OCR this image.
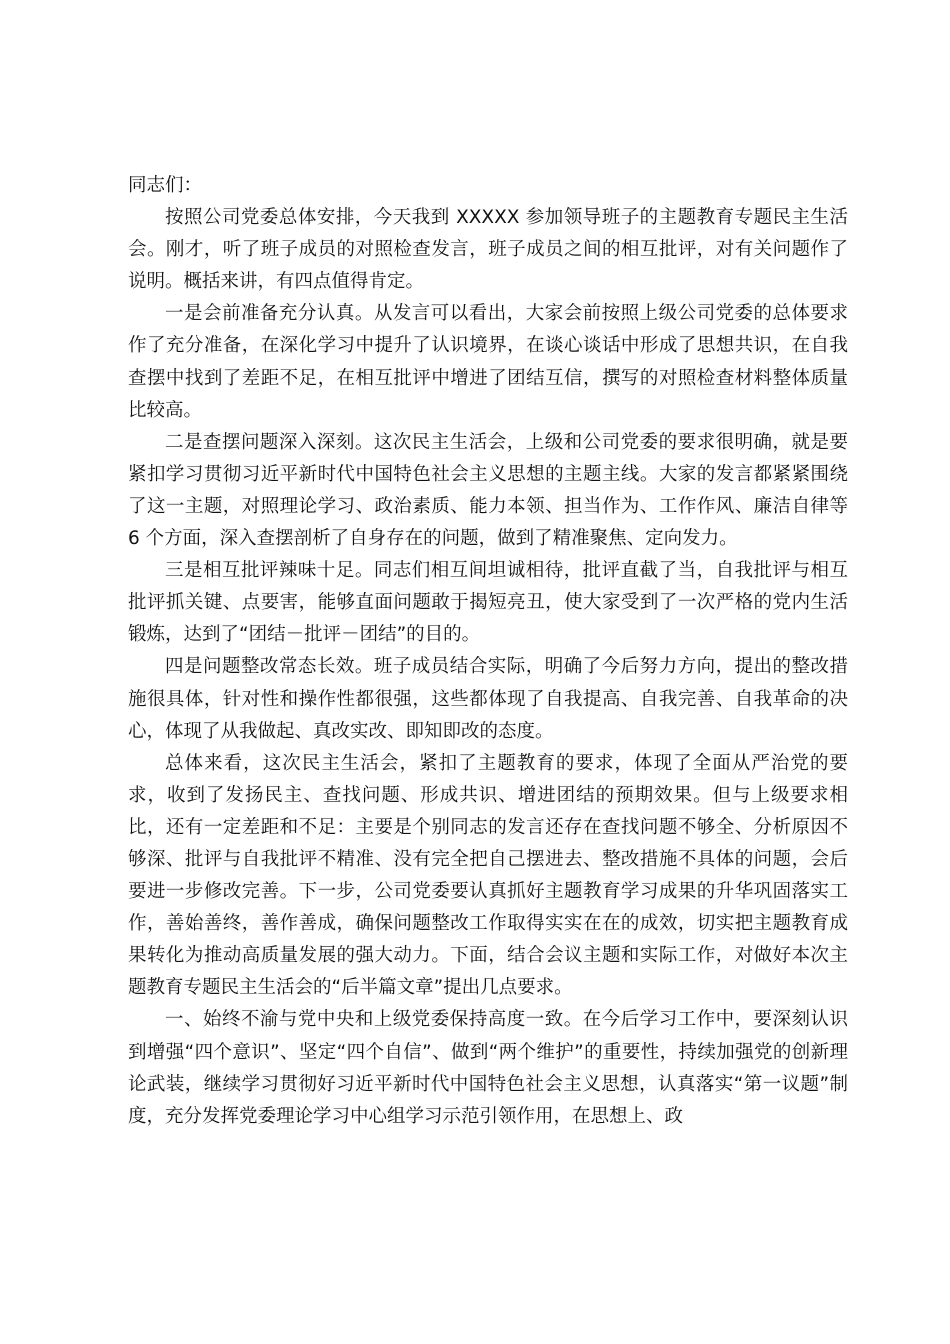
同志们：

按照公司党委总体安排，今天我到 XXXXX 参加领导班子的主题教育专题民主生活会。刚才，听了班子成员的对照检查发言，班子成员之间的相互批评，对有关问题作了说明。概括来讲，有四点值得肯定。

一是会前准备充分认真。从发言可以看出，大家会前按照上级公司党委的总体要求作了充分准备，在深化学习中提升了认识境界，在谈心谈话中形成了思想共识，在自我查摆中找到了差距不足，在相互批评中增进了团结互信，撰写的对照检查材料整体质量比较高。

二是查摆问题深入深刻。这次民主生活会，上级和公司党委的要求很明确，就是要紧扣学习贯彻习近平新时代中国特色社会主义思想的主题主线。大家的发言都紧紧围绕了这一主题，对照理论学习、政治素质、能力本领、担当作为、工作作风、廉洁自律等 6 个方面，深入查摆剖析了自身存在的问题，做到了精准聚焦、定向发力。

三是相互批评辣味十足。同志们相互间坦诚相待，批评直截了当，自我批评与相互批评抓关键、点要害，能够直面问题敢于揭短亮丑，使大家受到了一次严格的党内生活锻炼，达到了“团结－批评－团结”的目的。

四是问题整改常态长效。班子成员结合实际，明确了今后努力方向，提出的整改措施很具体，针对性和操作性都很强，这些都体现了自我提高、自我完善、自我革命的决心，体现了从我做起、真改实改、即知即改的态度。

总体来看，这次民主生活会，紧扣了主题教育的要求，体现了全面从严治党的要求，收到了发扬民主、查找问题、形成共识、增进团结的预期效果。但与上级要求相比，还有一定差距和不足：主要是个别同志的发言还存在查找问题不够全、分析原因不够深、批评与自我批评不精准、没有完全把自己摆进去、整改措施不具体的问题，会后要进一步修改完善。下一步，公司党委要认真抓好主题教育学习成果的升华巩固落实工作，善始善终，善作善成，确保问题整改工作取得实实在在的成效，切实把主题教育成果转化为推动高质量发展的强大动力。下面，结合会议主题和实际工作，对做好本次主题教育专题民主生活会的“后半篇文章”提出几点要求。

一、始终不渝与党中央和上级党委保持高度一致。在今后学习工作中，要深刻认识到增强“四个意识”、坚定“四个自信”、做到“两个维护”的重要性，持续加强党的创新理论武装，继续学习贯彻好习近平新时代中国特色社会主义思想，认真落实“第一议题”制度，充分发挥党委理论学习中心组学习示范引领作用，在思想上、政
